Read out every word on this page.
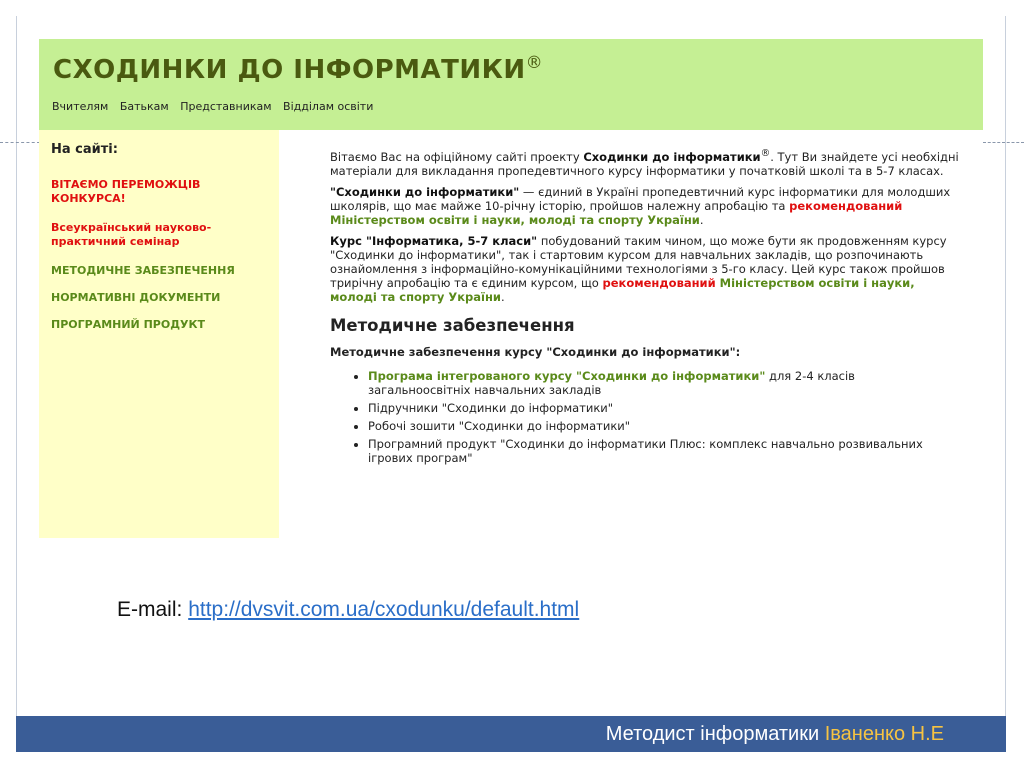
СХОДИНКИ ДО ІНФОРМАТИКИ®
Вчителям Батькам Представникам Відділам освіти
На сайті:
ВІТАЄМО ПЕРЕМОЖЦІВ КОНКУРСА!
Всеукраїнський науково-практичний семінар
МЕТОДИЧНЕ ЗАБЕЗПЕЧЕННЯ
НОРМАТИВНІ ДОКУМЕНТИ
ПРОГРАМНИЙ ПРОДУКТ

Вітаємо Вас на офіційному сайті проекту Сходинки до інформатики®. Тут Ви знайдете усі необхідні матеріали для викладання пропедевтичного курсу інформатики у початковій школі та в 5-7 класах.

"Сходинки до інформатики" — єдиний в Україні пропедевтичний курс інформатики для молодших школярів, що має майже 10-річну історію, пройшов належну апробацію та рекомендований Міністерством освіти і науки, молоді та спорту України.

Курс "Інформатика, 5-7 класи" побудований таким чином, що може бути як продовженням курсу "Сходинки до інформатики", так і стартовим курсом для навчальних закладів, що розпочинають ознайомлення з інформаційно-комунікаційними технологіями з 5-го класу. Цей курс також пройшов трирічну апробацію та є єдиним курсом, що рекомендований Міністерством освіти і науки, молоді та спорту України.

Методичне забезпечення
Методичне забезпечення курсу "Сходинки до інформатики":
• Програма інтегрованого курсу "Сходинки до інформатики" для 2-4 класів загальноосвітніх навчальних закладів
• Підручники "Сходинки до інформатики"
• Робочі зошити "Сходинки до інформатики"
• Програмний продукт "Сходинки до інформатики Плюс: комплекс навчально розвивальних ігрових програм"
E-mail: http://dvsvit.com.ua/cxodunku/default.html
Методист інформатики Іваненко Н.Е
